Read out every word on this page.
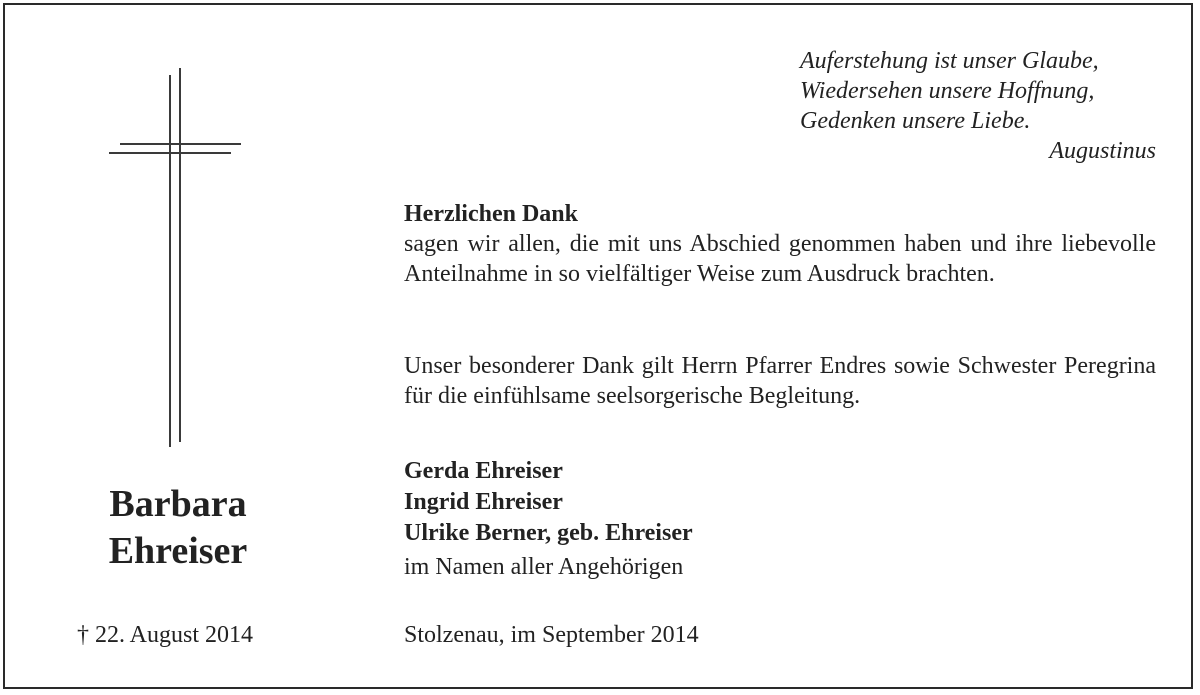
Auferstehung ist unser Glaube,
Wiedersehen unsere Hoffnung,
Gedenken unsere Liebe.
Augustinus
Herzlichen Dank
sagen wir allen, die mit uns Abschied genommen haben und ihre liebevolle Anteilnahme in so vielfältiger Weise zum Ausdruck brachten.
Unser besonderer Dank gilt Herrn Pfarrer Endres sowie Schwester Peregrina für die einfühlsame seelsorgerische Begleitung.
Gerda Ehreiser
Ingrid Ehreiser
Ulrike Berner, geb. Ehreiser
im Namen aller Angehörigen
Stolzenau, im September 2014
Barbara
Ehreiser
† 22. August 2014
